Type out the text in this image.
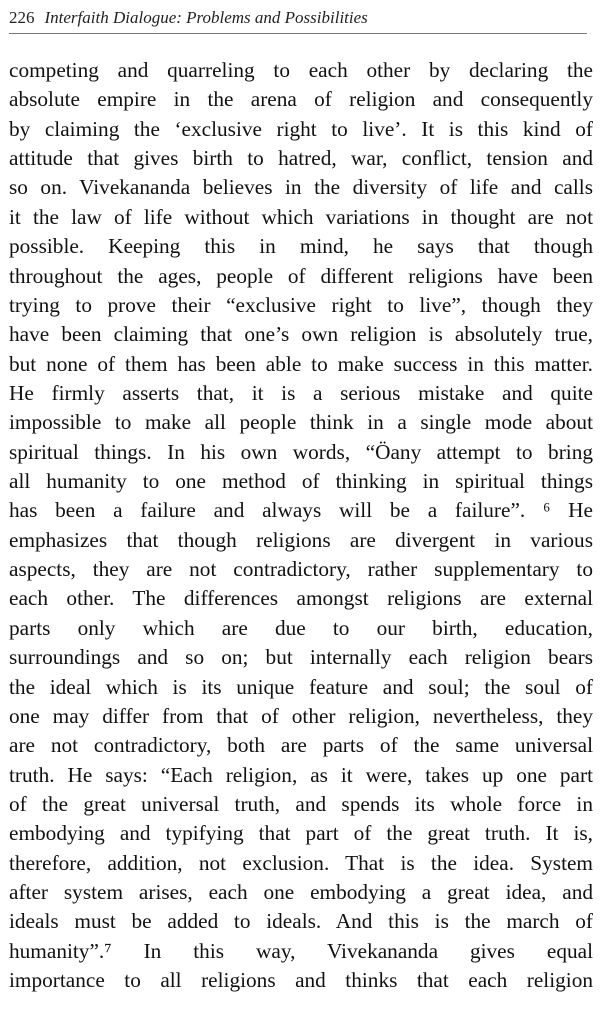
226 Interfaith Dialogue: Problems and Possibilities
competing and quarreling to each other by declaring the
absolute empire in the arena of religion and consequently
by claiming the ‘exclusive right to live’. It is this kind of
attitude that gives birth to hatred, war, conflict, tension and
so on. Vivekananda believes in the diversity of life and calls
it the law of life without which variations in thought are not
possible. Keeping this in mind, he says that though
throughout the ages, people of different religions have been
trying to prove their “exclusive right to live”, though they
have been claiming that one’s own religion is absolutely true,
but none of them has been able to make success in this matter.
He firmly asserts that, it is a serious mistake and quite
impossible to make all people think in a single mode about
spiritual things. In his own words, “Öany attempt to bring
all humanity to one method of thinking in spiritual things
has been a failure and always will be a failure”. ⁶ He
emphasizes that though religions are divergent in various
aspects, they are not contradictory, rather supplementary to
each other. The differences amongst religions are external
parts only which are due to our birth, education,
surroundings and so on; but internally each religion bears
the ideal which is its unique feature and soul; the soul of
one may differ from that of other religion, nevertheless, they
are not contradictory, both are parts of the same universal
truth. He says: “Each religion, as it were, takes up one part
of the great universal truth, and spends its whole force in
embodying and typifying that part of the great truth. It is,
therefore, addition, not exclusion. That is the idea. System
after system arises, each one embodying a great idea, and
ideals must be added to ideals. And this is the march of
humanity”.⁷ In this way, Vivekananda gives equal
importance to all religions and thinks that each religion
